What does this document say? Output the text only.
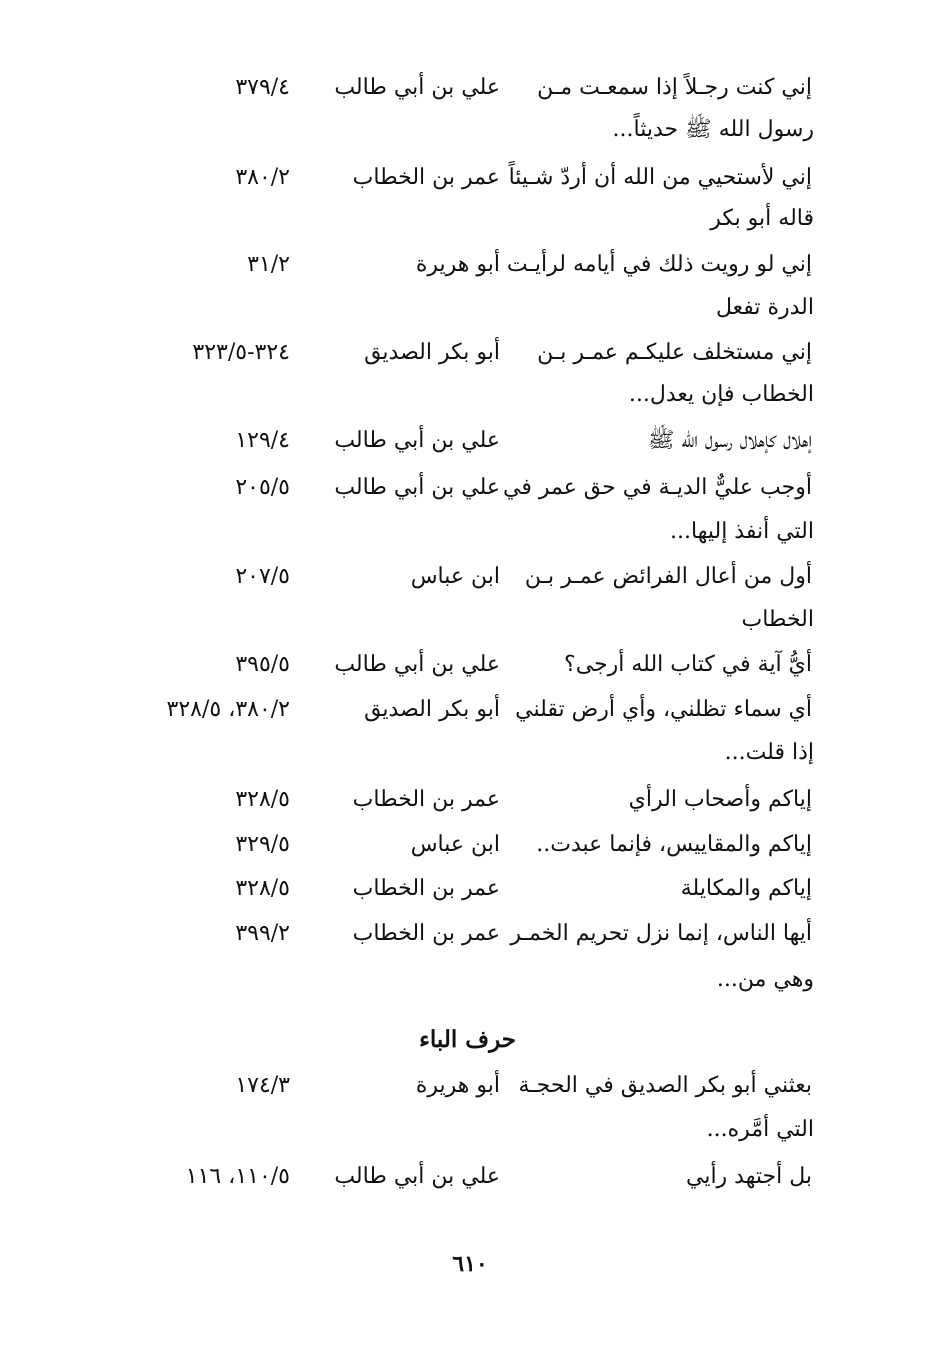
إني كنت رجـلاً إذا سمعـت مـن
علي بن أبي طالب
٣٧٩/٤
رسول الله ﷺ حديثاً...
إني لأستحيي من الله أن أردّ شـيئاً
عمر بن الخطاب
٣٨٠/٢
قاله أبو بكر
إني لو رويت ذلك في أيامه لرأيـت
أبو هريرة
٣١/٢
الدرة تفعل
إني مستخلف عليكـم عمـر بـن
أبو بكر الصديق
٣٢٤-٣٢٣/٥
الخطاب فإن يعدل...
إهلال كإهلال رسول الله ﷺ
علي بن أبي طالب
١٢٩/٤
أوجب عليٌّ الديـة في حق عمر في
علي بن أبي طالب
٢٠٥/٥
التي أنفذ إليها...
أول من أعال الفرائض عمـر بـن
ابن عباس
٢٠٧/٥
الخطاب
أيُّ آية في كتاب الله أرجى؟
علي بن أبي طالب
٣٩٥/٥
أي سماء تظلني، وأي أرض تقلني
أبو بكر الصديق
٣٨٠/٢، ٣٢٨/٥
إذا قلت...
إياكم وأصحاب الرأي
عمر بن الخطاب
٣٢٨/٥
إياكم والمقاييس، فإنما عبدت..
ابن عباس
٣٢٩/٥
إياكم والمكايلة
عمر بن الخطاب
٣٢٨/٥
أيها الناس، إنما نزل تحريم الخمـر
عمر بن الخطاب
٣٩٩/٢
وهي من...
حرف الباء
بعثني أبو بكر الصديق في الحجـة
أبو هريرة
١٧٤/٣
التي أمَّره...
بل أجتهد رأيي
علي بن أبي طالب
١١٠/٥، ١١٦
٦١٠
